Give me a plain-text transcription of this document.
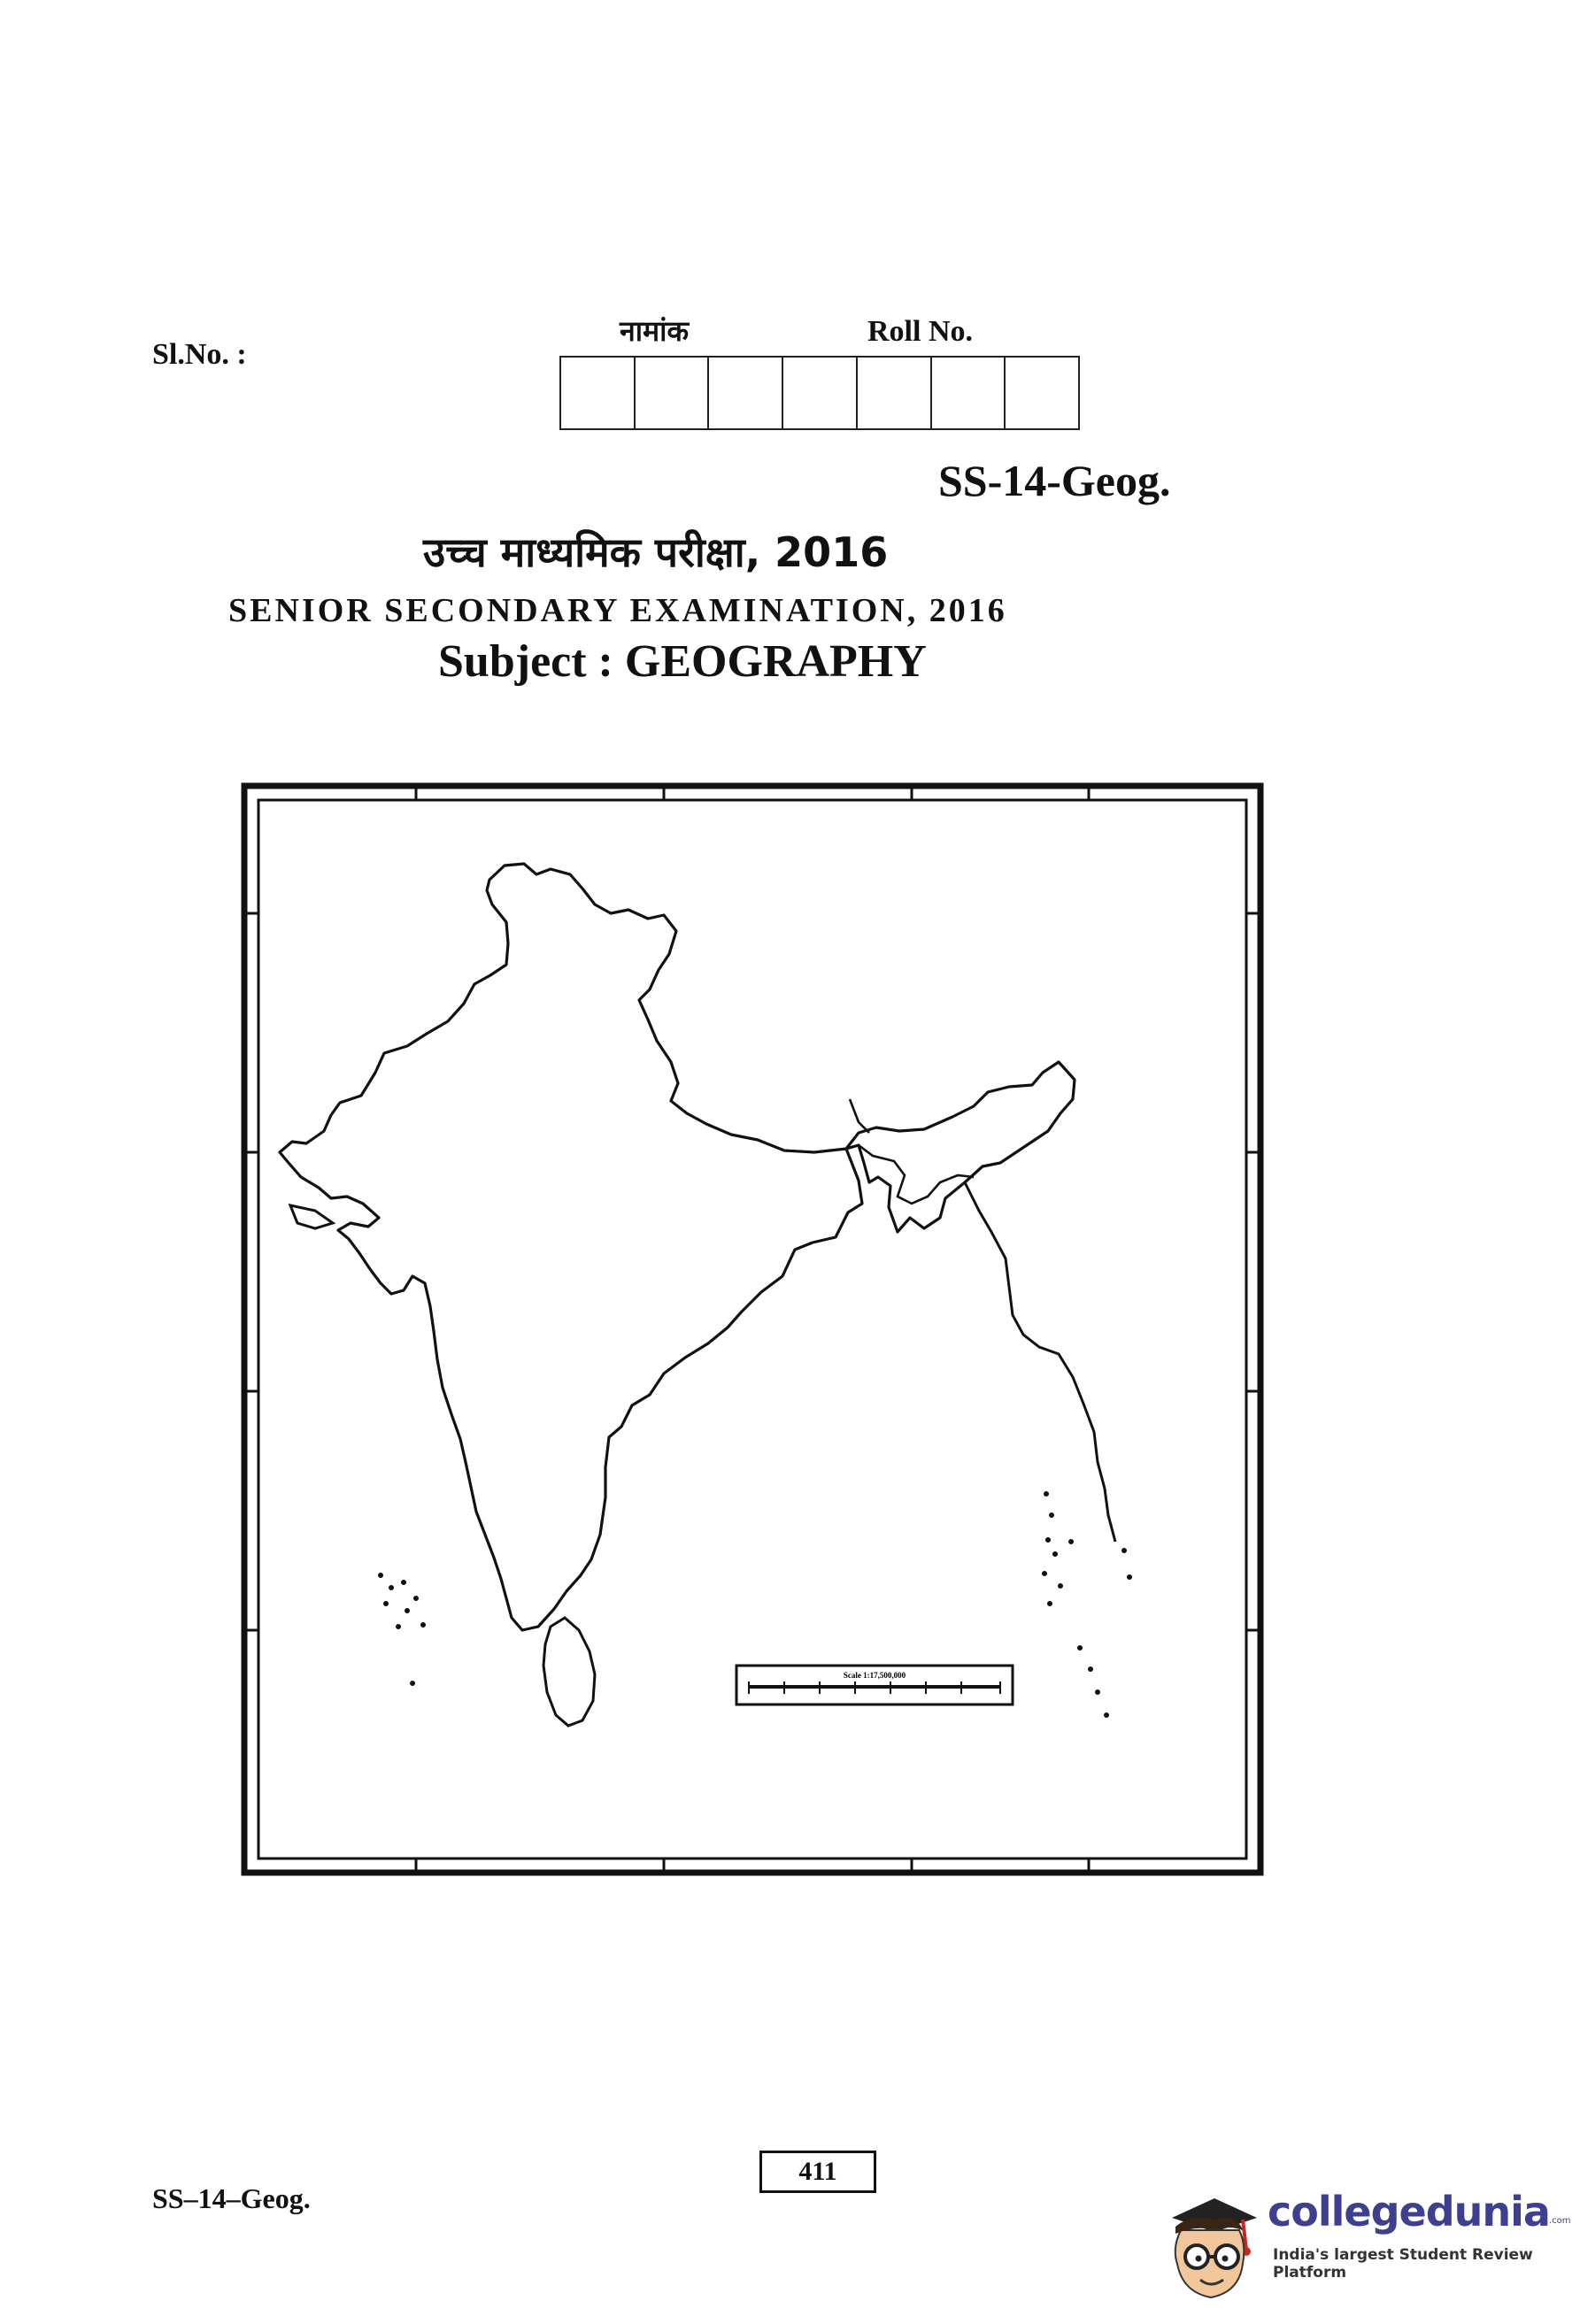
Sl.No. :
नामांक	Roll No.
SS-14-Geog.
उच्च माध्यमिक परीक्षा, 2016
SENIOR SECONDARY EXAMINATION, 2016
Subject : GEOGRAPHY
Scale 1:17,500,000
SS–14–Geog.
411
collegedunia .com
India's largest Student Review Platform
